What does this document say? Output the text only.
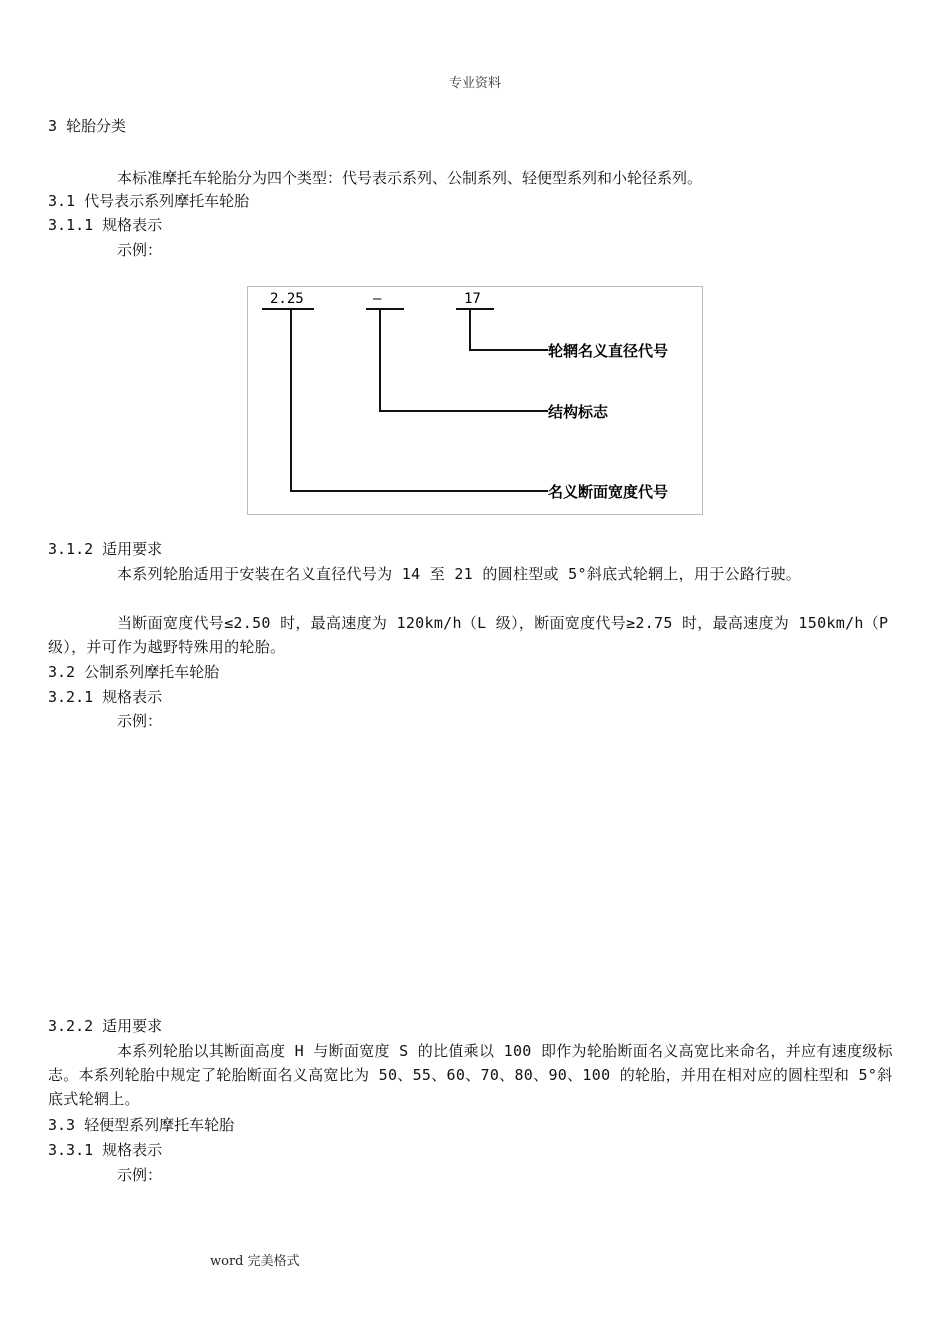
专业资料
3 轮胎分类
本标准摩托车轮胎分为四个类型：代号表示系列、公制系列、轻便型系列和小轮径系列。
3.1 代号表示系列摩托车轮胎
3.1.1 规格表示
示例：
2.25	—	17
轮辋名义直径代号
结构标志
名义断面宽度代号
3.1.2 适用要求
本系列轮胎适用于安装在名义直径代号为 14 至 21 的圆柱型或 5°斜底式轮辋上，用于公路行驶。
当断面宽度代号≤2.50 时，最高速度为 120km/h（L 级），断面宽度代号≥2.75 时，最高速度为 150km/h（P 级），并可作为越野特殊用的轮胎。
3.2 公制系列摩托车轮胎
3.2.1 规格表示
示例：
3.2.2 适用要求
本系列轮胎以其断面高度 H 与断面宽度 S 的比值乘以 100 即作为轮胎断面名义高宽比来命名，并应有速度级标志。本系列轮胎中规定了轮胎断面名义高宽比为 50、55、60、70、80、90、100 的轮胎，并用在相对应的圆柱型和 5°斜底式轮辋上。
3.3 轻便型系列摩托车轮胎
3.3.1 规格表示
示例：
word 完美格式
